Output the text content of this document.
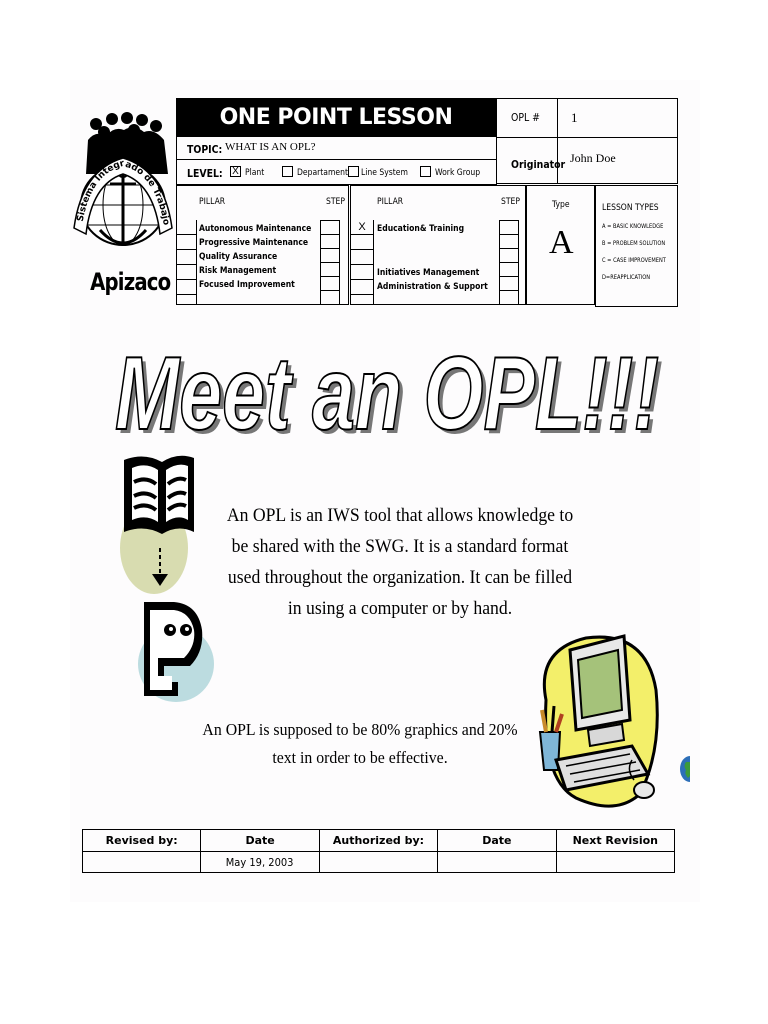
Sistema Integrado de Trabajo
Apizaco
ONE POINT LESSON	OPL # 1
Originator John Doe
TOPIC: WHAT IS AN OPL?
LEVEL: X Plant	Departament Line System	Work Group
PILLAR	STEP
Autonomous Maintenance
Progressive Maintenance
Quality Assurance
Risk Management
Focused Improvement
PILLAR	STEP
X	Education& Training
Initiatives Management
Administration & Support
Type
A
LESSON TYPES
A = BASIC KNOWLEDGE
B = PROBLEM SOLUTION
C = CASE IMPROVEMENT
D=REAPPLICATION
Meet an OPL!!!
Meet an OPL!!!
An OPL is an IWS tool that allows knowledge to
be shared with the SWG. It is a standard format
used throughout the organization. It can be filled
in using a computer or by hand.
An OPL is supposed to be 80% graphics and 20%
text in order to be effective.
Revised by:	Date	Authorized by:	Date	Next Revision
	May 19, 2003			
